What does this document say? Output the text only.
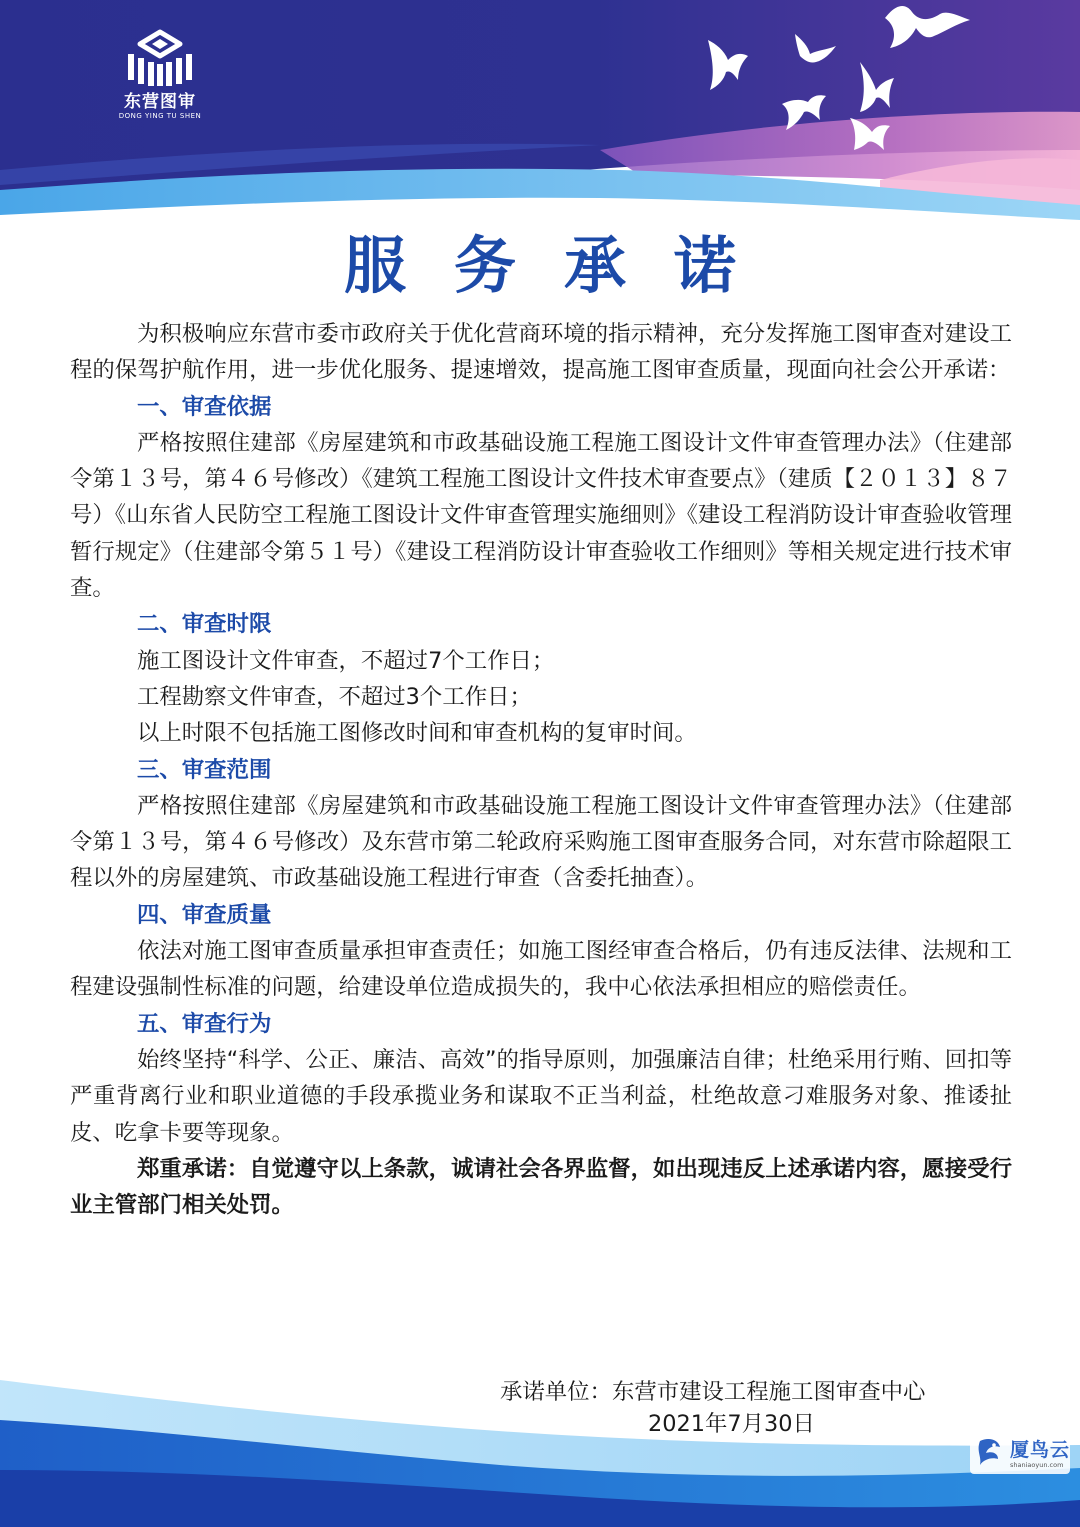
东营图审
DONG YING TU SHEN
服务承诺

为积极响应东营市委市政府关于优化营商环境的指示精神，充分发挥施工图审查对建设工程的保驾护航作用，进一步优化服务、提速增效，提高施工图审查质量，现面向社会公开承诺：

一、审查依据

严格按照住建部《房屋建筑和市政基础设施工程施工图设计文件审查管理办法》（住建部令第１３号，第４６号修改）《建筑工程施工图设计文件技术审查要点》（建质【２０１３】８７号）《山东省人民防空工程施工图设计文件审查管理实施细则》《建设工程消防设计审查验收管理暂行规定》（住建部令第５１号）《建设工程消防设计审查验收工作细则》等相关规定进行技术审查。

二、审查时限

施工图设计文件审查，不超过7个工作日；

工程勘察文件审查，不超过3个工作日；

以上时限不包括施工图修改时间和审查机构的复审时间。

三、审查范围

严格按照住建部《房屋建筑和市政基础设施工程施工图设计文件审查管理办法》（住建部令第１３号，第４６号修改）及东营市第二轮政府采购施工图审查服务合同，对东营市除超限工程以外的房屋建筑、市政基础设施工程进行审查（含委托抽查）。

四、审查质量

依法对施工图审查质量承担审查责任；如施工图经审查合格后，仍有违反法律、法规和工程建设强制性标准的问题，给建设单位造成损失的，我中心依法承担相应的赔偿责任。

五、审查行为

始终坚持“科学、公正、廉洁、高效”的指导原则，加强廉洁自律；杜绝采用行贿、回扣等严重背离行业和职业道德的手段承揽业务和谋取不正当利益，杜绝故意刁难服务对象、推诿扯皮、吃拿卡要等现象。

郑重承诺：自觉遵守以上条款，诚请社会各界监督，如出现违反上述承诺内容，愿接受行业主管部门相关处罚。

承诺单位：东营市建设工程施工图审查中心
2021年7月30日
厦鸟云
shaniaoyun.com
